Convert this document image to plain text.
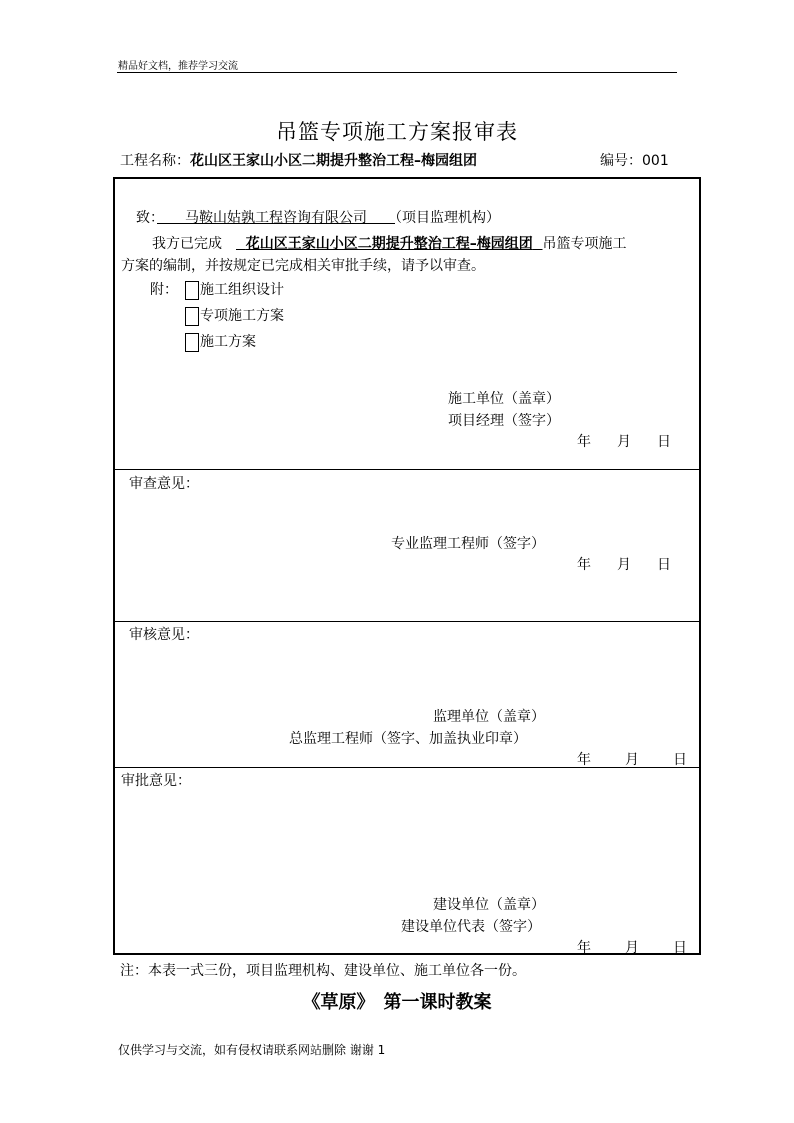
精品好文档，推荐学习交流
吊篮专项施工方案报审表
工程名称：花山区王家山小区二期提升整治工程–梅园组团	编号：001
致：　　 马鞍山姑孰工程咨询有限公司　　 （项目监理机构）
我方已完成　 花山区王家山小区二期提升整治工程–梅园组团 吊篮专项施工
方案的编制，并按规定已完成相关审批手续，请予以审查。
附：	施工组织设计
专项施工方案
施工方案
施工单位（盖章）
项目经理（签字）
年 月 日
审查意见：
专业监理工程师（签字）
年 月 日
审核意见：
监理单位（盖章）
总监理工程师（签字、加盖执业印章）
年 月 日
审批意见：
建设单位（盖章）
建设单位代表（签字）
年 月 日
注：本表一式三份，项目监理机构、建设单位、施工单位各一份。
《草原》　第一课时教案
仅供学习与交流，如有侵权请联系网站删除 谢谢 1
